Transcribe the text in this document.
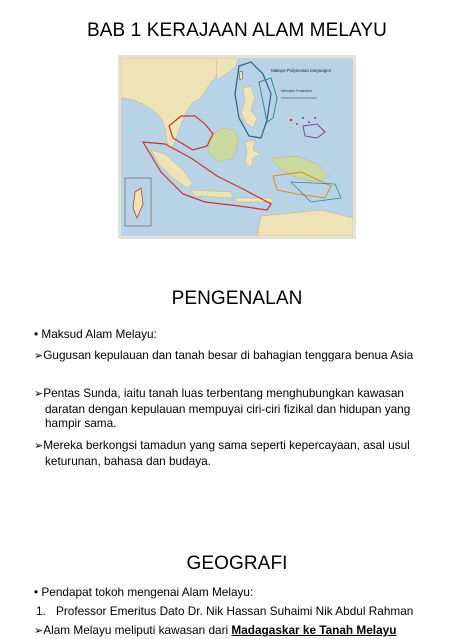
BAB 1 KERAJAAN ALAM MELAYU
Malayo-Polynesian languages
Mercator Projection
PENGENALAN
• Maksud Alam Melayu:
➢Gugusan kepulauan dan tanah besar di bahagian tenggara benua Asia
➢Pentas Sunda, iaitu tanah luas terbentang menghubungkan kawasan
daratan dengan kepulauan mempuyai ciri-ciri fizikal dan hidupan yang
hampir sama.
➢Mereka berkongsi tamadun yang sama seperti kepercayaan, asal usul
keturunan, bahasa dan budaya.
GEOGRAFI
• Pendapat tokoh mengenai Alam Melayu:
1. Professor Emeritus Dato Dr. Nik Hassan Suhaimi Nik Abdul Rahman
➢Alam Melayu meliputi kawasan dari Madagaskar ke Tanah Melayu
